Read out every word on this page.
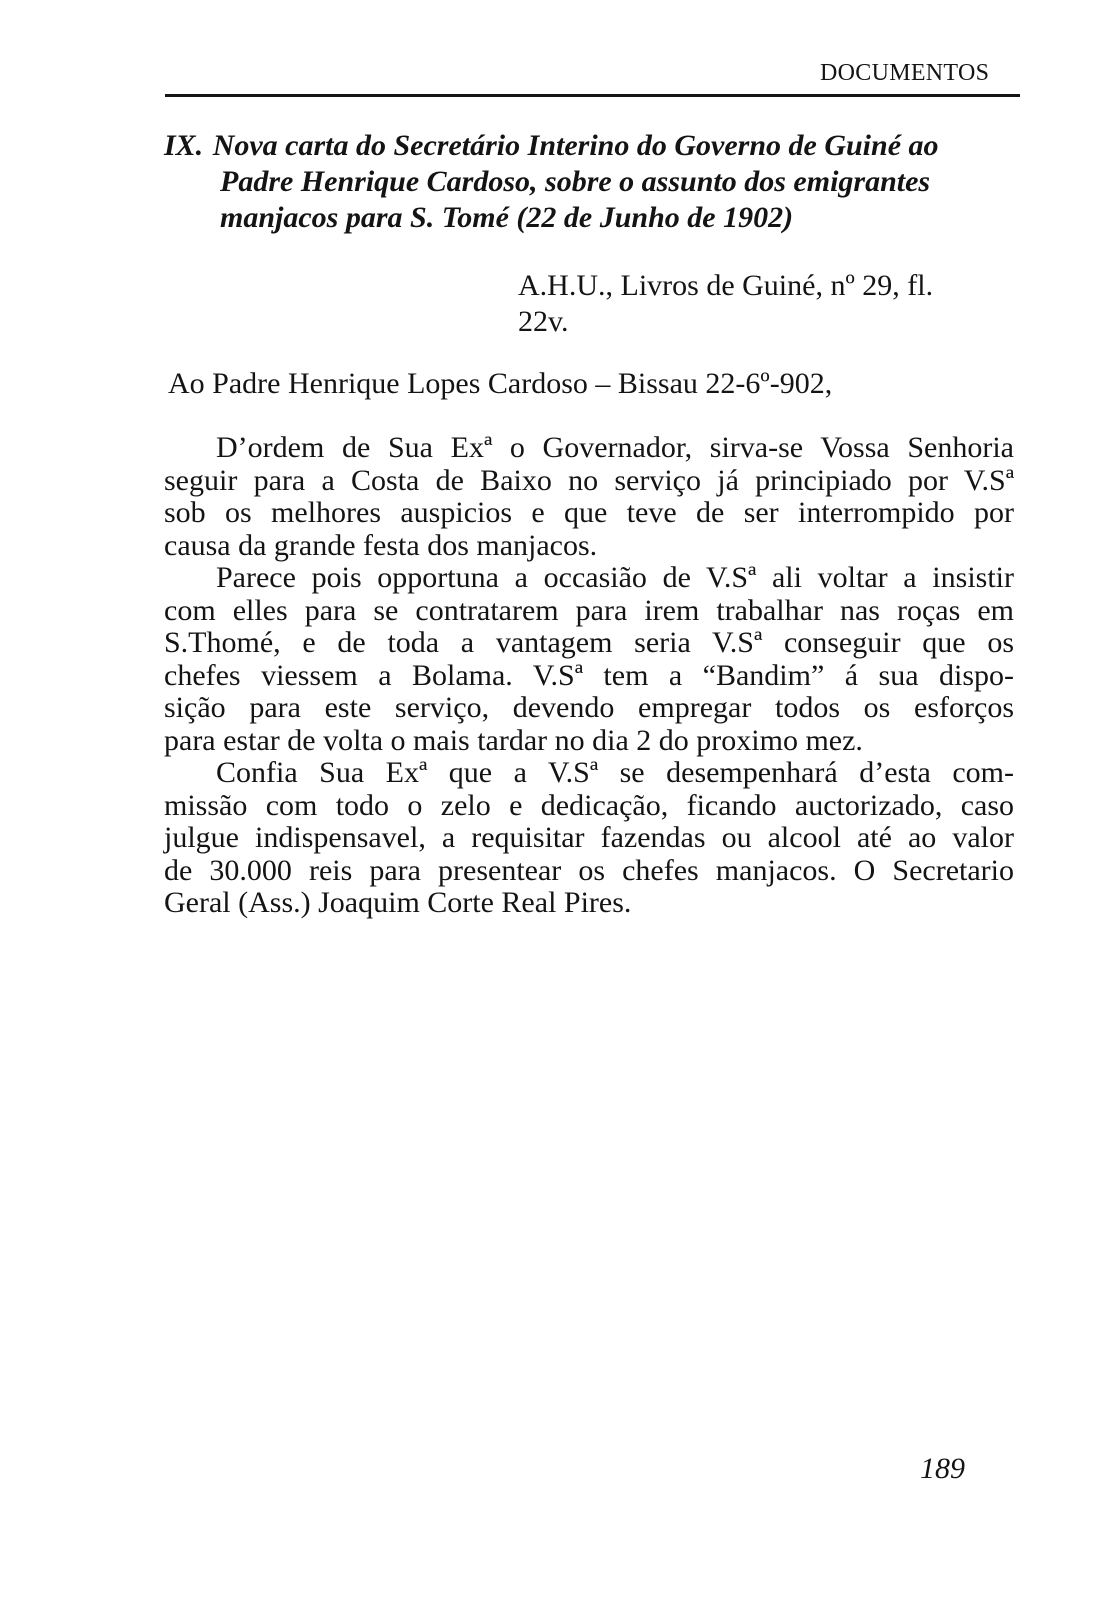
DOCUMENTOS
IX. Nova carta do Secretário Interino do Governo de Guiné ao
Padre Henrique Cardoso, sobre o assunto dos emigrantes
manjacos para S. Tomé (22 de Junho de 1902)
A.H.U., Livros de Guiné, nº 29, fl.
22v.
Ao Padre Henrique Lopes Cardoso – Bissau 22-6º-902,
D’ordem de Sua Exª o Governador, sirva-se Vossa Senhoria
seguir para a Costa de Baixo no serviço já principiado por V.Sª
sob os melhores auspicios e que teve de ser interrompido por
causa da grande festa dos manjacos.
Parece pois opportuna a occasião de V.Sª ali voltar a insistir
com elles para se contratarem para irem trabalhar nas roças em
S.Thomé, e de toda a vantagem seria V.Sª conseguir que os
chefes viessem a Bolama. V.Sª tem a “Bandim” á sua dispo-
sição para este serviço, devendo empregar todos os esforços
para estar de volta o mais tardar no dia 2 do proximo mez.
Confia Sua Exª que a V.Sª se desempenhará d’esta com-
missão com todo o zelo e dedicação, ficando auctorizado, caso
julgue indispensavel, a requisitar fazendas ou alcool até ao valor
de 30.000 reis para presentear os chefes manjacos. O Secretario
Geral (Ass.) Joaquim Corte Real Pires.
189
